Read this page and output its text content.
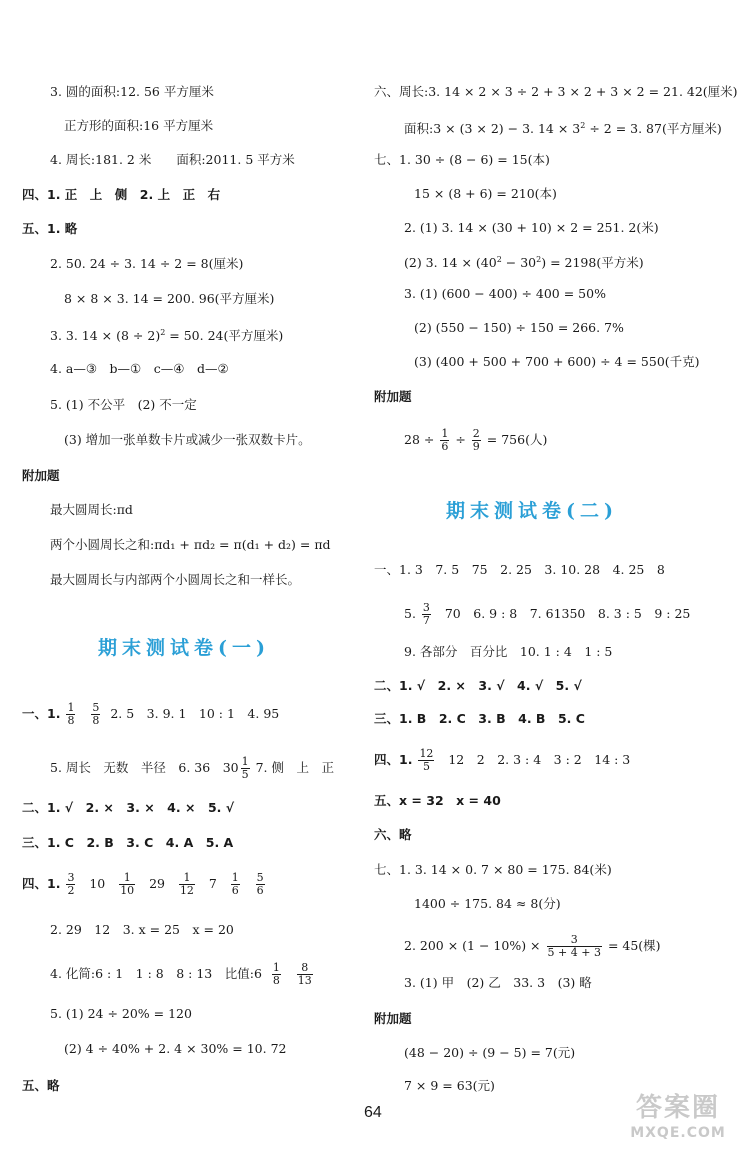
3. 圆的面积:12. 56 平方厘米
正方形的面积:16 平方厘米
4. 周长:181. 2 米　　面积:2011. 5 平方米
四、1. 正　上　侧　2. 上　正　右
五、1. 略
2. 50. 24 ÷ 3. 14 ÷ 2 = 8(厘米)
8 × 8 × 3. 14 = 200. 96(平方厘米)
3. 3. $14 \times (8 \div 2)^2 = 50$. 24(平方厘米)
4. a—③　b—①　c—④　d—②
5. (1) 不公平　(2) 不一定
(3) 增加一张单数卡片或减少一张双数卡片。
附加题
最大圆周长:πd
两个小圆周长之和:πd₁ + πd₂ = π(d₁ + d₂) = πd
最大圆周长与内部两个小圆周长之和一样长。
期末测试卷(一)
一、1. $\frac{1}{8}$
$\frac{5}{8} 2$. 5　3. 9. 1　10 : 1　4. 95
5. 周长　无数　半径　6. 36　$30 \frac{1}{5} 7$. 侧　上　正
二、1. √　2. ×　3. ×　4. ×　5. √
三、1. C　2. B　3. C　4. A　5. A
四、1. $\frac{3}{2} 10 \frac{1}{10} 29 \frac{1}{12} 7 \frac{1}{6}$
$\frac{5}{6}$
2. 29　12　3. x = 25　x = 20
4. 化简:6 : 1　1 : 8　8 : 13　比值:6 $\frac{1}{8}$
$\frac{8}{13}$
5. (1) 24 ÷ 20% = 120
(2) 4 ÷ 40% + 2. 4 × 30% = 10. 72
五、略
六、周长:3. 14 × 2 × 3 ÷ 2 + 3 × 2 + 3 × 2 = 21. 42(厘米)
面积:3 × (3 × 2) − 3. $14 \times 3^2 \div 2 = 3$. 87(平方厘米)
七、1. 30 ÷ (8 − 6) = 15(本)
15 × (8 + 6) = 210(本)
2. (1) 3. 14 × (30 + 10) × 2 = 251. 2(米)
(2) 3. $14 \times (40^2 - 30^2) = 2198$(平方米)
3. (1) (600 − 400) ÷ 400 = 50%
(2) (550 − 150) ÷ 150 = 266. 7%
(3) (400 + 500 + 700 + 600) ÷ 4 = 550(千克)
附加题
$28 \div \frac{1}{6} \div \frac{2}{9} = 756$(人)
期末测试卷(二)
一、1. 3　7. 5　75　2. 25　3. 10. 28　4. 25　8
5. $\frac{3}{7} 70$　6. 9 : 8　7. 61350　8. 3 : 5　9 : 25
9. 各部分　百分比　10. 1 : 4　1 : 5
二、1. √　2. ×　3. √　4. √　5. √
三、1. B　2. C　3. B　4. B　5. C
四、1. $\frac{12}{5} 12$　2　2. 3 : 4　3 : 2　14 : 3
五、x = 32　x = 40
六、略
七、1. 3. 14 × 0. 7 × 80 = 175. 84(米)
1400 ÷ 175. 84 ≈ 8(分)
2. $200 \times (1 - 10\%) \times \frac{3}{5 + 4 + 3} = 45$(棵)
3. (1) 甲　(2) 乙　33. 3　(3) 略
附加题
(48 − 20) ÷ (9 − 5) = 7(元)
7 × 9 = 63(元)
64	答案圈
MXQE.COM
